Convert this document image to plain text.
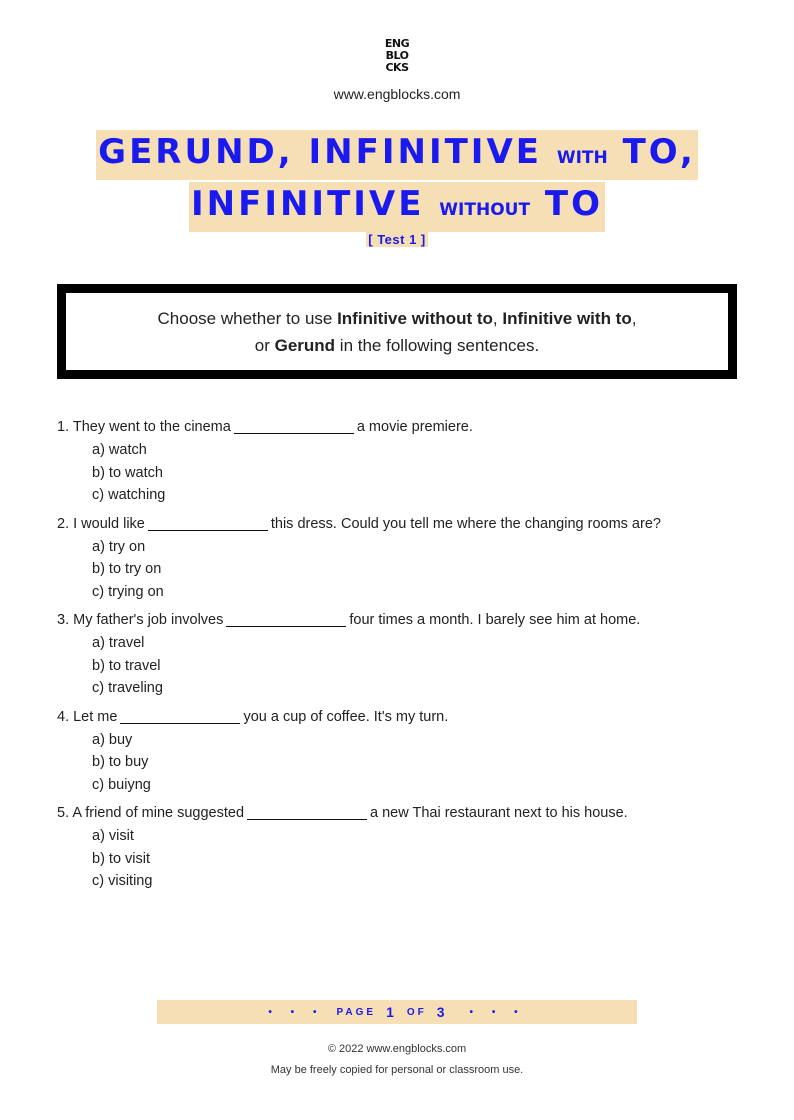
ENG
BLO
CKS
www.engblocks.com
GERUND, INFINITIVE WITH TO,
INFINITIVE WITHOUT TO
[ Test 1 ]
Choose whether to use Infinitive without to, Infinitive with to,
or Gerund in the following sentences.
1. They went to the cinema	a movie premiere.
a) watch
b) to watch
c) watching
2. I would like	this dress. Could you tell me where the changing rooms are?
a) try on
b) to try on
c) trying on
3. My father's job involves	four times a month. I barely see him at home.
a) travel
b) to travel
c) traveling
4. Let me	you a cup of coffee. It's my turn.
a) buy
b) to buy
c) buiyng
5. A friend of mine suggested	a new Thai restaurant next to his house.
a) visit
b) to visit
c) visiting
• • • PAGE 1 OF 3 • • •
© 2022 www.engblocks.com
May be freely copied for personal or classroom use.
